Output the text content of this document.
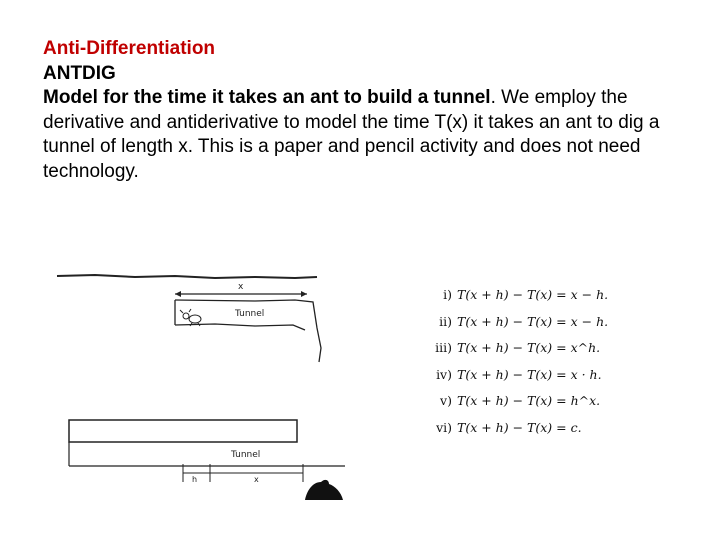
Anti-Differentiation
ANTDIG
Model for the time it takes an ant to build a tunnel. We employ the derivative and antiderivative to model the time T(x) it takes an ant to dig a tunnel of length x. This is a paper and pencil activity and does not need technology.
x
Tunnel
Tunnel
h	x
i) T(x + h) − T(x) = x − h.
ii) T(x + h) − T(x) = x − h.
iii) T(x + h) − T(x) = x^h.
iv) T(x + h) − T(x) = x · h.
v) T(x + h) − T(x) = h^x.
vi) T(x + h) − T(x) = c.
